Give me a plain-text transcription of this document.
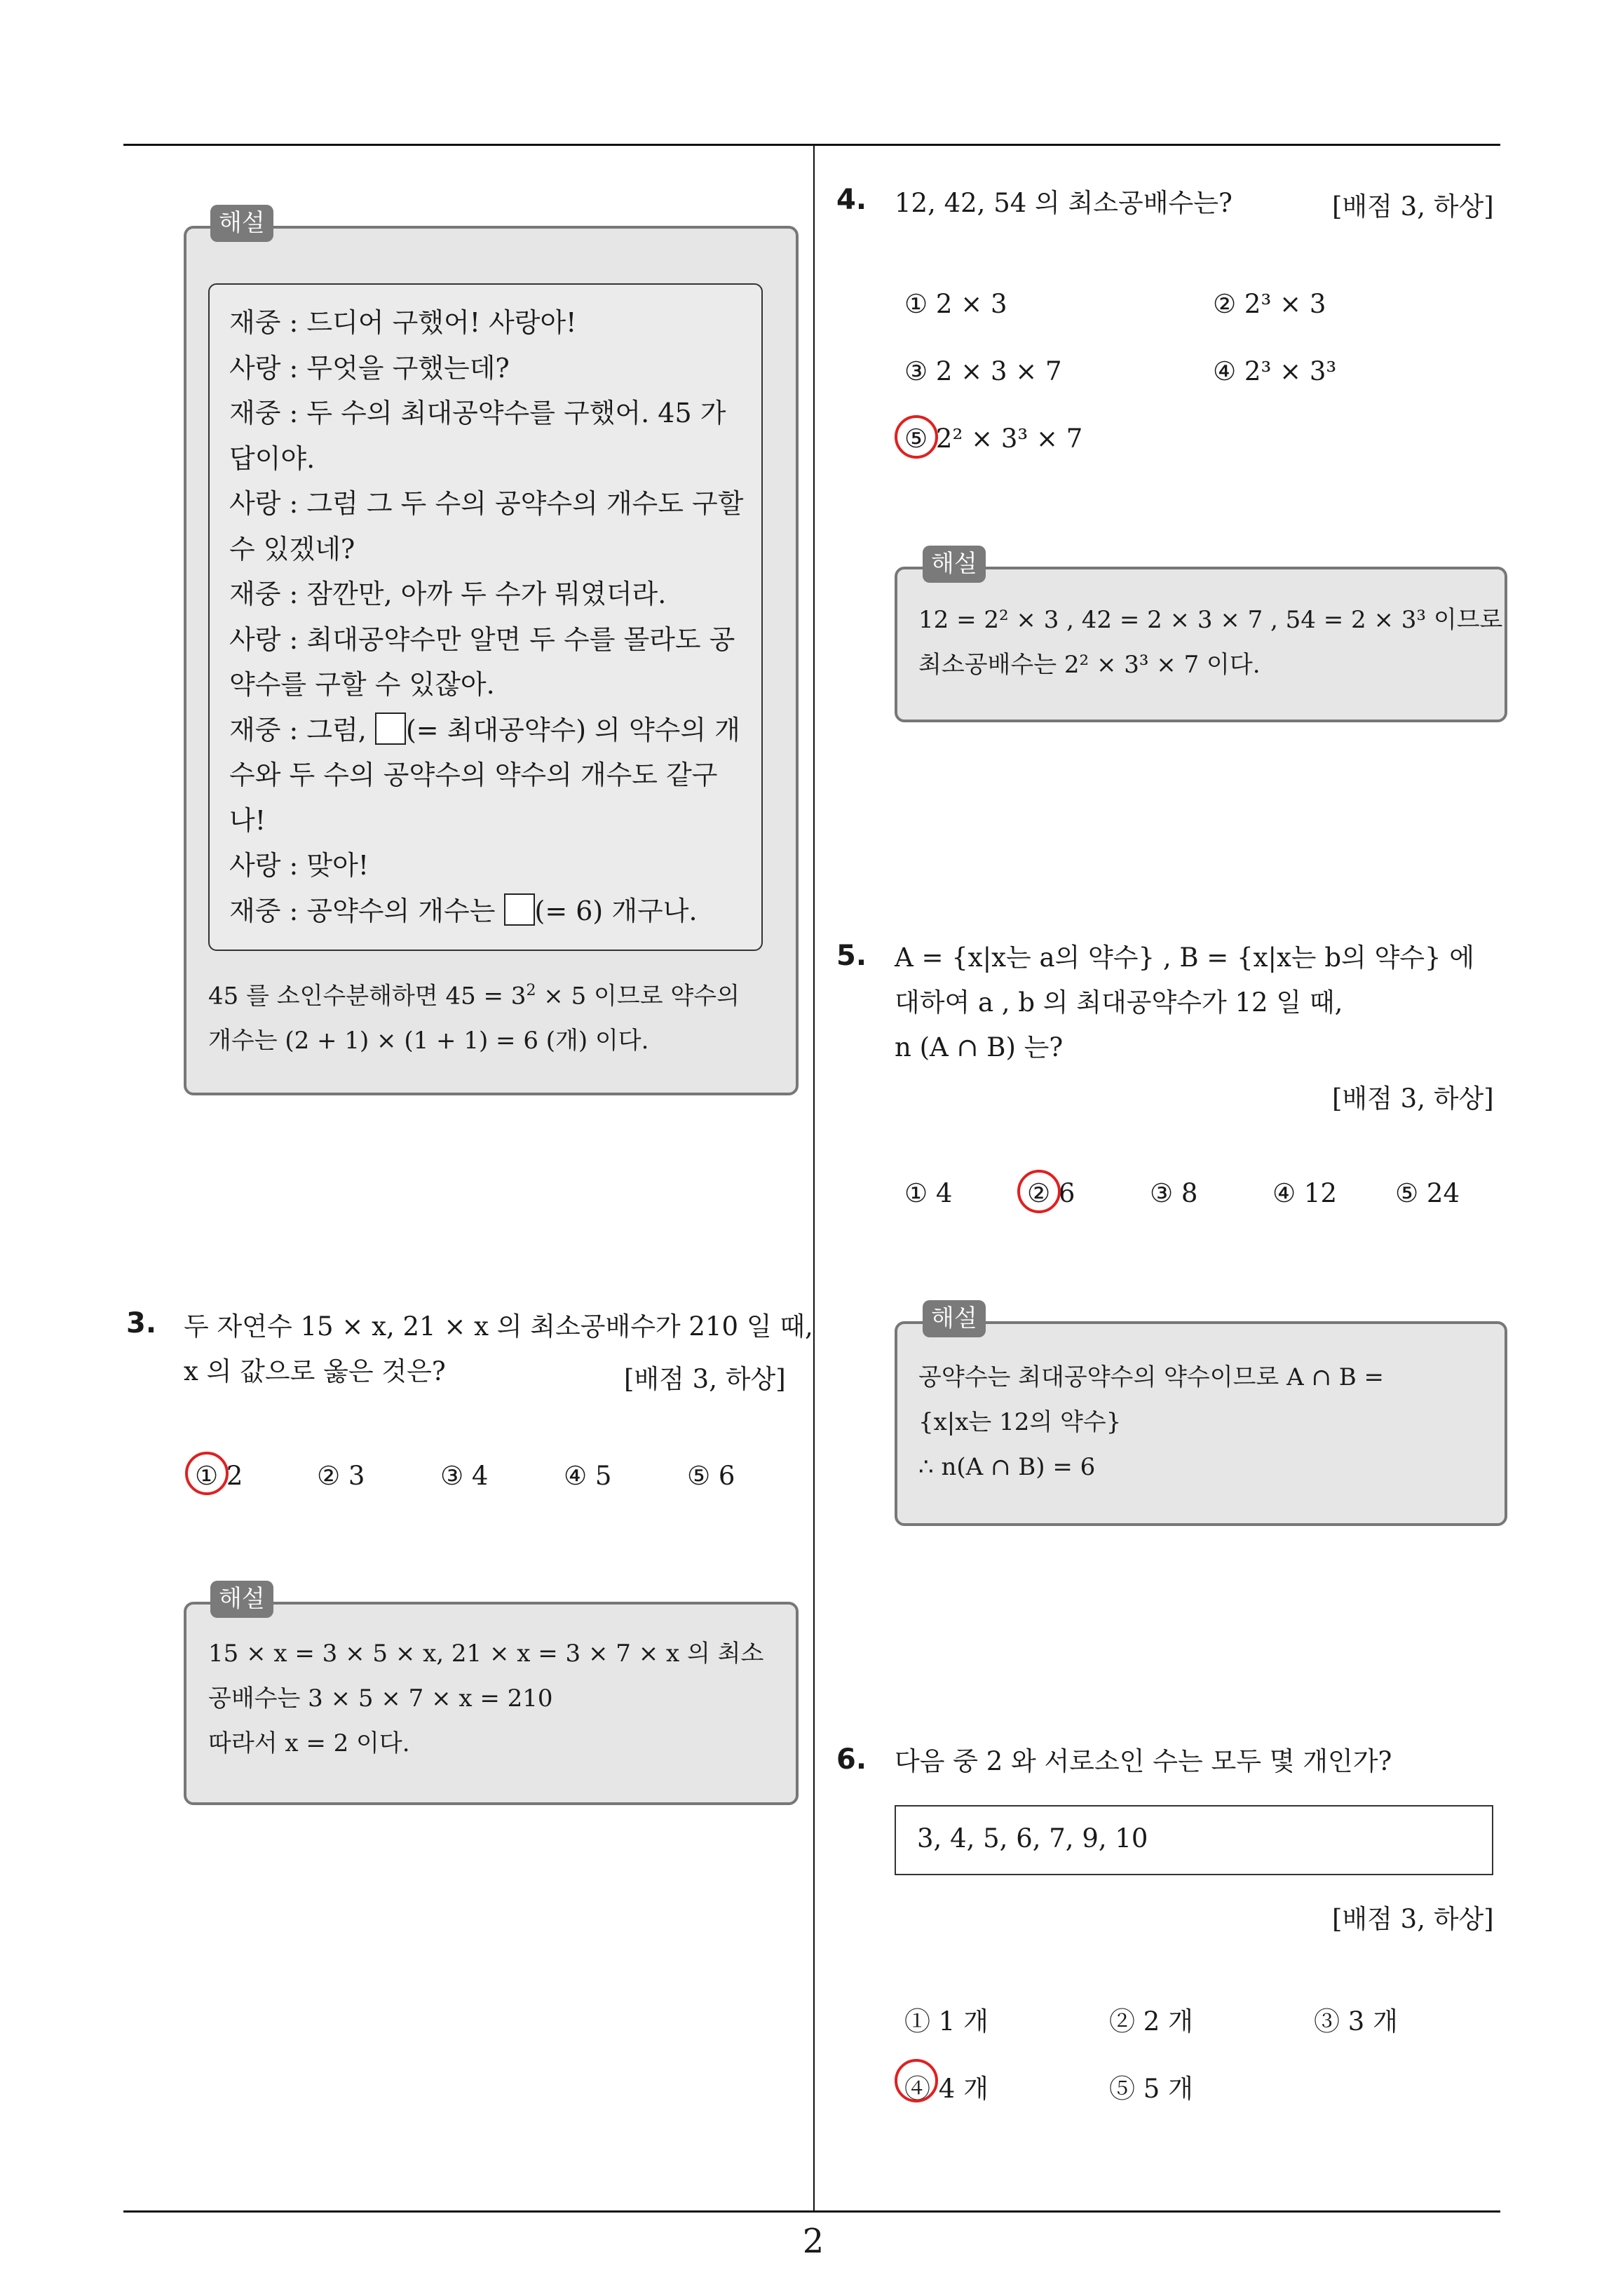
해설
재중 : 드디어 구했어! 사랑아!
사랑 : 무엇을 구했는데?
재중 : 두 수의 최대공약수를 구했어. 45 가
답이야.
사랑 : 그럼 그 두 수의 공약수의 개수도 구할
수 있겠네?
재중 : 잠깐만, 아까 두 수가 뭐였더라.
사랑 : 최대공약수만 알면 두 수를 몰라도 공
약수를 구할 수 있잖아.
재중 : 그럼, (= 최대공약수) 의 약수의 개
수와 두 수의 공약수의 약수의 개수도 같구
나!
사랑 : 맞아!
재중 : 공약수의 개수는 (= 6) 개구나.
45 를 소인수분해하면 $45 = 3^2 \times 5$ 이므로 약수의
개수는 (2 + 1) × (1 + 1) = 6 (개) 이다.
3. 두 자연수 15 × x, 21 × x 의 최소공배수가 210 일 때,
x 의 값으로 옳은 것은?	[배점 3, 하상]
① 2	② 3	③ 4	④ 5	⑤ 6
해설
15 × x = 3 × 5 × x, 21 × x = 3 × 7 × x 의 최소
공배수는 3 × 5 × 7 × x = 210
따라서 x = 2 이다.
4. 12, 42, 54 의 최소공배수는?	[배점 3, 하상]
① 2 × 3	② 2³ × 3
③ 2 × 3 × 7	④ 2³ × 3³
⑤ 2² × 3³ × 7
해설
12 = 2² × 3 , 42 = 2 × 3 × 7 , 54 = 2 × 3³ 이므로
최소공배수는 2² × 3³ × 7 이다.
5. A = {x|x는 a의 약수} , B = {x|x는 b의 약수} 에
대하여 a , b 의 최대공약수가 12 일 때,
n (A ∩ B) 는?
[배점 3, 하상]
① 4	② 6	③ 8	④ 12 ⑤ 24
해설
공약수는 최대공약수의 약수이므로 A ∩ B =
{x|x는 12의 약수}
∴ n(A ∩ B) = 6
6. 다음 중 2 와 서로소인 수는 모두 몇 개인가?
3, 4, 5, 6, 7, 9, 10
[배점 3, 하상]
① 1 개	② 2 개	③ 3 개
④ 4 개	⑤ 5 개
2
